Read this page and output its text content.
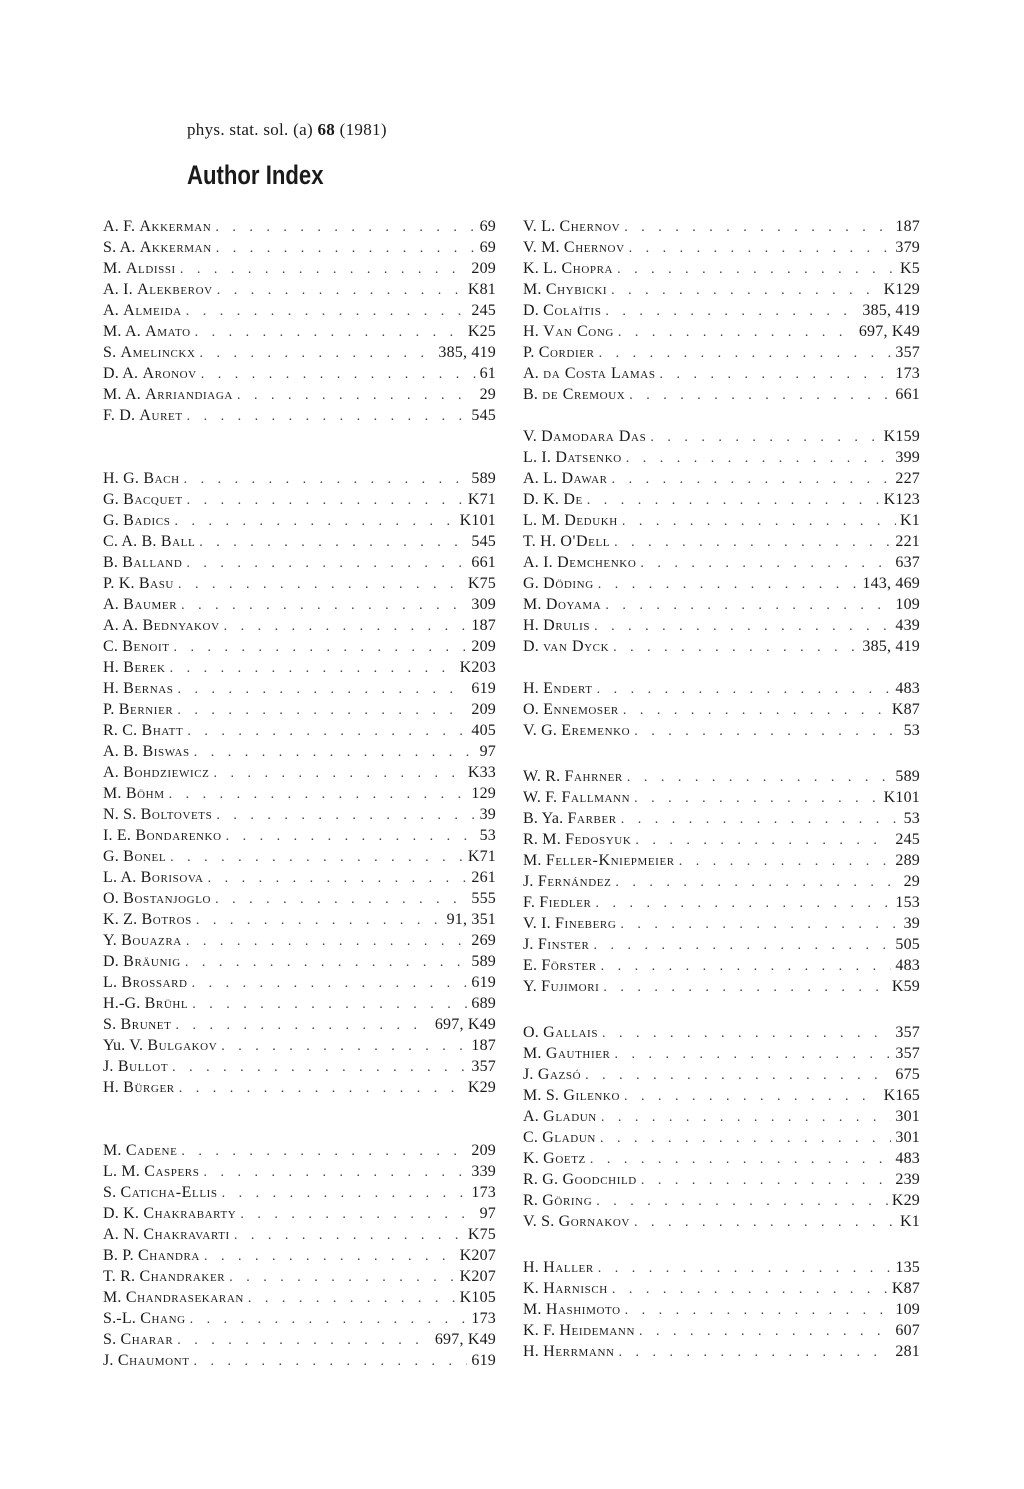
phys. stat. sol. (a) 68 (1981)
Author Index
A. F. Akkerman . . .	69
S. A. Akkerman . . .	69
M. Aldissi . . .	209
A. I. Alekberov . . .	K81
A. Almeida . . .	245
M. A. Amato . . .	K25
S. Amelinckx . . .	385, 419
D. A. Aronov . . .	61
M. A. Arriandiaga . . .	29
F. D. Auret . . .	545
H. G. Bach . . .	589
G. Bacquet . . .	K71
G. Badics . . .	K101
C. A. B. Ball . . .	545
B. Balland . . .	661
P. K. Basu . . .	K75
A. Baumer . . .	309
A. A. Bednyakov . . .	187
C. Benoit . . .	209
H. Berek . . .	K203
H. Bernas . . .	619
P. Bernier . . .	209
R. C. Bhatt . . .	405
A. B. Biswas . . .	97
A. Bohdziewicz . . .	K33
M. Böhm . . .	129
N. S. Boltovets . . .	39
I. E. Bondarenko . . .	53
G. Bonel . . .	K71
L. A. Borisova . . .	261
O. Bostanjoglo . . .	555
K. Z. Botros . . .	91, 351
Y. Bouazra . . .	269
D. Bräunig . . .	589
L. Brossard . . .	619
H.-G. Brühl . . .	689
S. Brunet . . .	697, K49
Yu. V. Bulgakov . . .	187
J. Bullot . . .	357
H. Bürger . . .	K29
M. Cadene . . .	209
L. M. Caspers . . .	339
S. Caticha-Ellis . . .	173
D. K. Chakrabarty . . .	97
A. N. Chakravarti . . .	K75
B. P. Chandra . . .	K207
T. R. Chandraker . . .	K207
M. Chandrasekaran . . .	K105
S.-L. Chang . . .	173
S. Charar . . .	697, K49
J. Chaumont . . .	619
V. L. Chernov . . .	187
V. M. Chernov . . .	379
K. L. Chopra . . .	K5
M. Chybicki . . .	K129
D. Colaïtis . . .	385, 419
H. Van Cong . . .	697, K49
P. Cordier . . .	357
A. da Costa Lamas . . .	173
B. de Cremoux . . .	661
V. Damodara Das . . .	K159
L. I. Datsenko . . .	399
A. L. Dawar . . .	227
D. K. De . . .	K123
L. M. Dedukh . . .	K1
T. H. O'Dell . . .	221
A. I. Demchenko . . .	637
G. Döding . . .	143, 469
M. Doyama . . .	109
H. Drulis . . .	439
D. van Dyck . . .	385, 419
H. Endert . . .	483
O. Ennemoser . . .	K87
V. G. Eremenko . . .	53
W. R. Fahrner . . .	589
W. F. Fallmann . . .	K101
B. Ya. Farber . . .	53
R. M. Fedosyuk . . .	245
M. Feller-Kniepmeier . . .	289
J. Fernández . . .	29
F. Fiedler . . .	153
V. I. Fineberg . . .	39
J. Finster . . .	505
E. Förster . . .	483
Y. Fujimori . . .	K59
O. Gallais . . .	357
M. Gauthier . . .	357
J. Gazsó . . .	675
M. S. Gilenko . . .	K165
A. Gladun . . .	301
C. Gladun . . .	301
K. Goetz . . .	483
R. G. Goodchild . . .	239
R. Göring . . .	K29
V. S. Gornakov . . .	K1
H. Haller . . .	135
K. Harnisch . . .	K87
M. Hashimoto . . .	109
K. F. Heidemann . . .	607
H. Herrmann . . .	281
